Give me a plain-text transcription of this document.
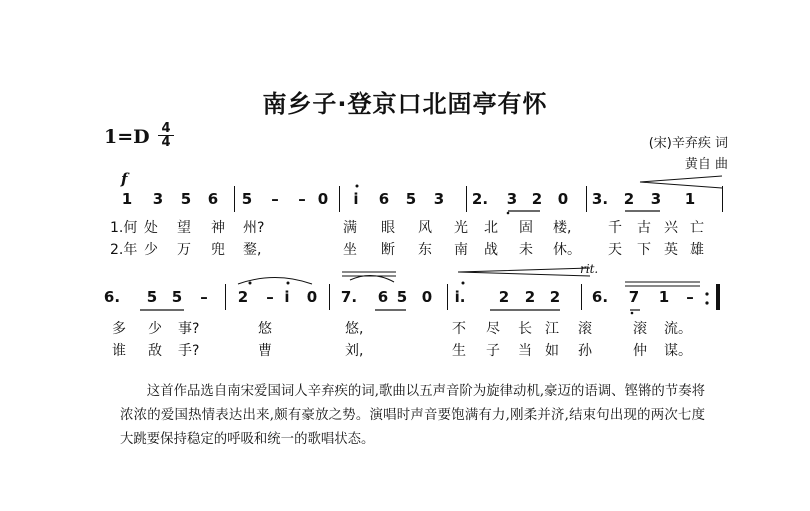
南乡子·登京口北固亭有怀
1=D 4
4	(宋)辛弃疾 词
黄自 曲
f
rit.
1 3 5 6 5 – – 0 i 6 5 3 2. 3 2 0 3. 2 3 1
1.何 处 望 神 州?	满 眼 风 光 北 固 楼,	千 古 兴 亡
2.年 少 万 兜 鍪,	坐 断 东 南 战 未 休。 天 下 英 雄
6. 5 5 – 2 – i 0 7. 6 5 0 i. 2 2 2 6. 7 1 –
多 少 事?	悠	悠,	不 尽 长 江 滚	滚 流。
谁 敌 手?	曹	刘,	生 子 当 如 孙	仲 谋。

这首作品选自南宋爱国词人辛弃疾的词,歌曲以五声音阶为旋律动机,豪迈的语调、铿锵的节奏将浓浓的爱国热情表达出来,颇有豪放之势。演唱时声音要饱满有力,刚柔并济,结束句出现的两次七度大跳要保持稳定的呼吸和统一的歌唱状态。
